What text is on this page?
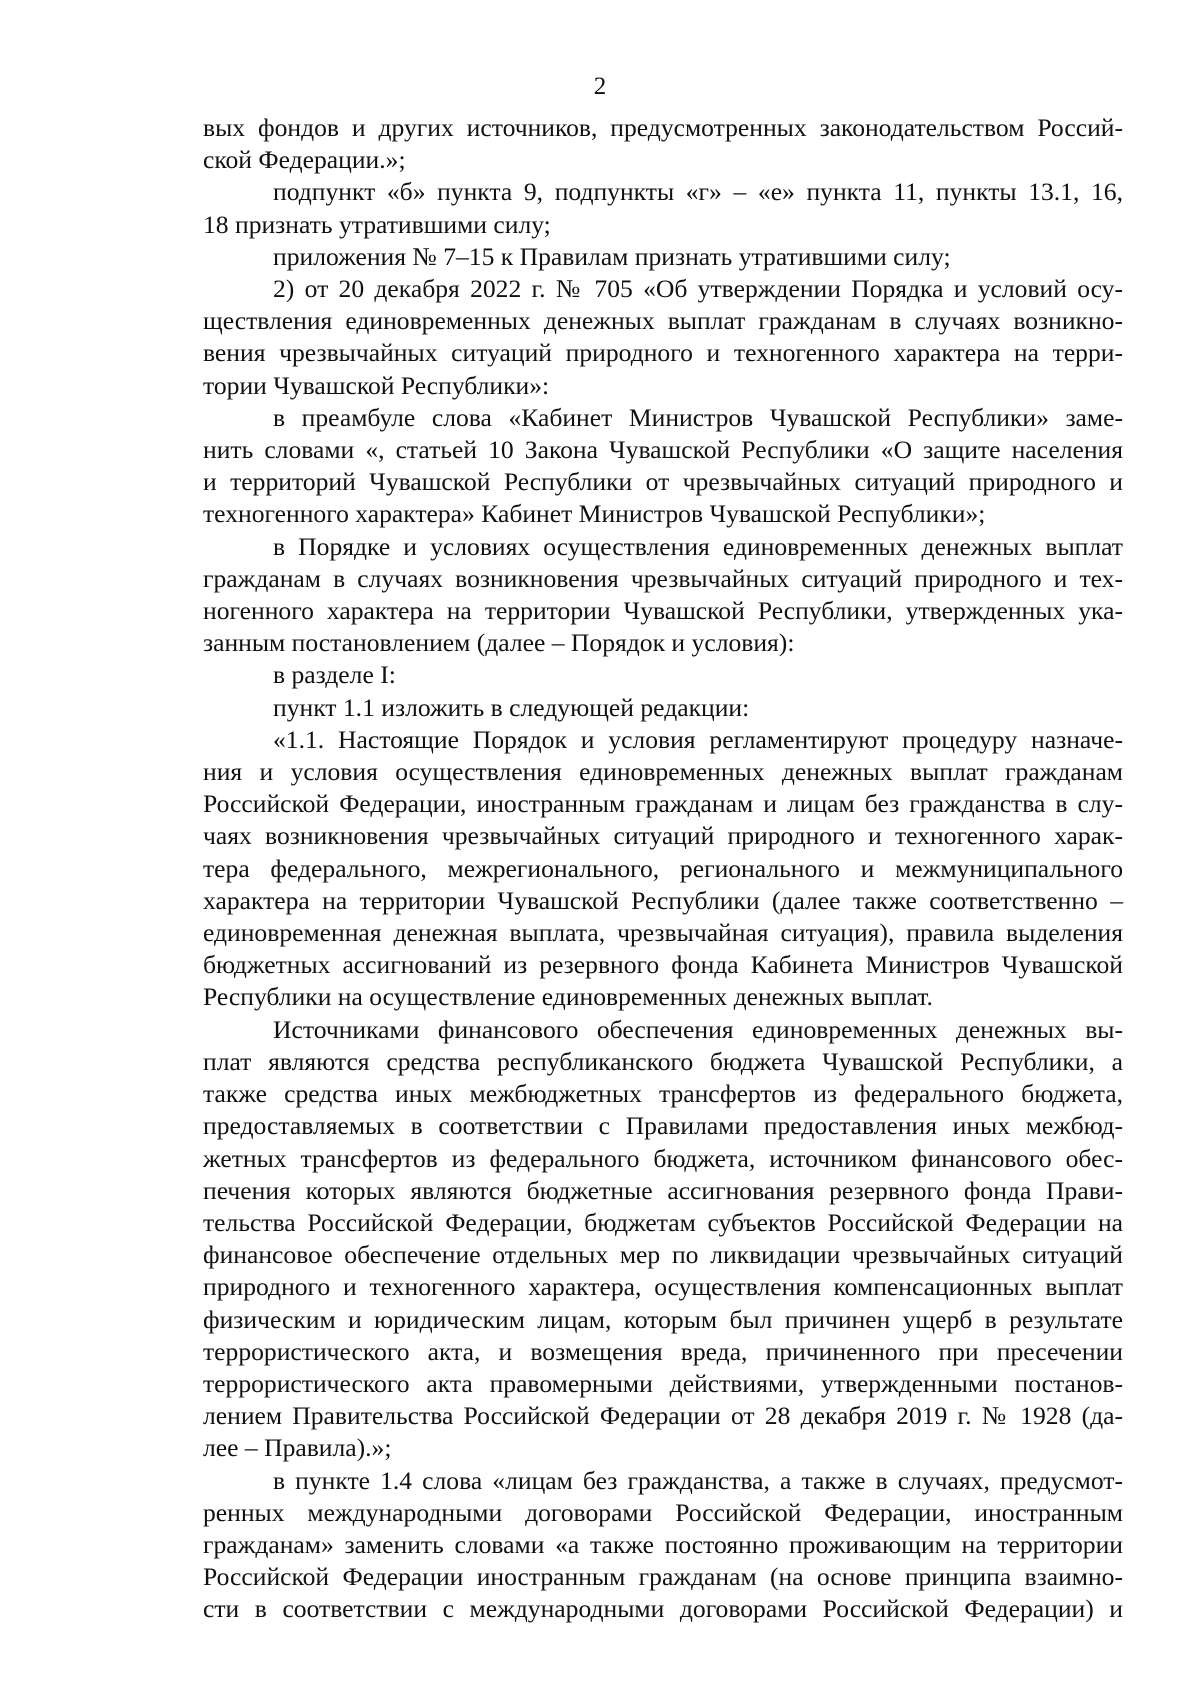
2

вых фондов и других источников, предусмотренных законодательством Россий-

ской Федерации.»;

подпункт «б» пункта 9, подпункты «г» – «е» пункта 11, пункты 13.1, 16,

18 признать утратившими силу;

приложения № 7–15 к Правилам признать утратившими силу;

2) от 20 декабря 2022 г. № 705 «Об утверждении Порядка и условий осу-

ществления единовременных денежных выплат гражданам в случаях возникно-

вения чрезвычайных ситуаций природного и техногенного характера на терри-

тории Чувашской Республики»:

в преамбуле слова «Кабинет Министров Чувашской Республики» заме-

нить словами «, статьей 10 Закона Чувашской Республики «О защите населения

и территорий Чувашской Республики от чрезвычайных ситуаций природного и

техногенного характера» Кабинет Министров Чувашской Республики»;

в Порядке и условиях осуществления единовременных денежных выплат

гражданам в случаях возникновения чрезвычайных ситуаций природного и тех-

ногенного характера на территории Чувашской Республики, утвержденных ука-

занным постановлением (далее – Порядок и условия):

в разделе I:

пункт 1.1 изложить в следующей редакции:

«1.1. Настоящие Порядок и условия регламентируют процедуру назначе-

ния и условия осуществления единовременных денежных выплат гражданам

Российской Федерации, иностранным гражданам и лицам без гражданства в слу-

чаях возникновения чрезвычайных ситуаций природного и техногенного харак-

тера федерального, межрегионального, регионального и межмуниципального

характера на территории Чувашской Республики (далее также соответственно –

единовременная денежная выплата, чрезвычайная ситуация), правила выделения

бюджетных ассигнований из резервного фонда Кабинета Министров Чувашской

Республики на осуществление единовременных денежных выплат.

Источниками финансового обеспечения единовременных денежных вы-

плат являются средства республиканского бюджета Чувашской Республики, а

также средства иных межбюджетных трансфертов из федерального бюджета,

предоставляемых в соответствии с Правилами предоставления иных межбюд-

жетных трансфертов из федерального бюджета, источником финансового обес-

печения которых являются бюджетные ассигнования резервного фонда Прави-

тельства Российской Федерации, бюджетам субъектов Российской Федерации на

финансовое обеспечение отдельных мер по ликвидации чрезвычайных ситуаций

природного и техногенного характера, осуществления компенсационных выплат

физическим и юридическим лицам, которым был причинен ущерб в результате

террористического акта, и возмещения вреда, причиненного при пресечении

террористического акта правомерными действиями, утвержденными постанов-

лением Правительства Российской Федерации от 28 декабря 2019 г. № 1928 (да-

лее – Правила).»;

в пункте 1.4 слова «лицам без гражданства, а также в случаях, предусмот-

ренных международными договорами Российской Федерации, иностранным

гражданам» заменить словами «а также постоянно проживающим на территории

Российской Федерации иностранным гражданам (на основе принципа взаимно-

сти в соответствии с международными договорами Российской Федерации) и
